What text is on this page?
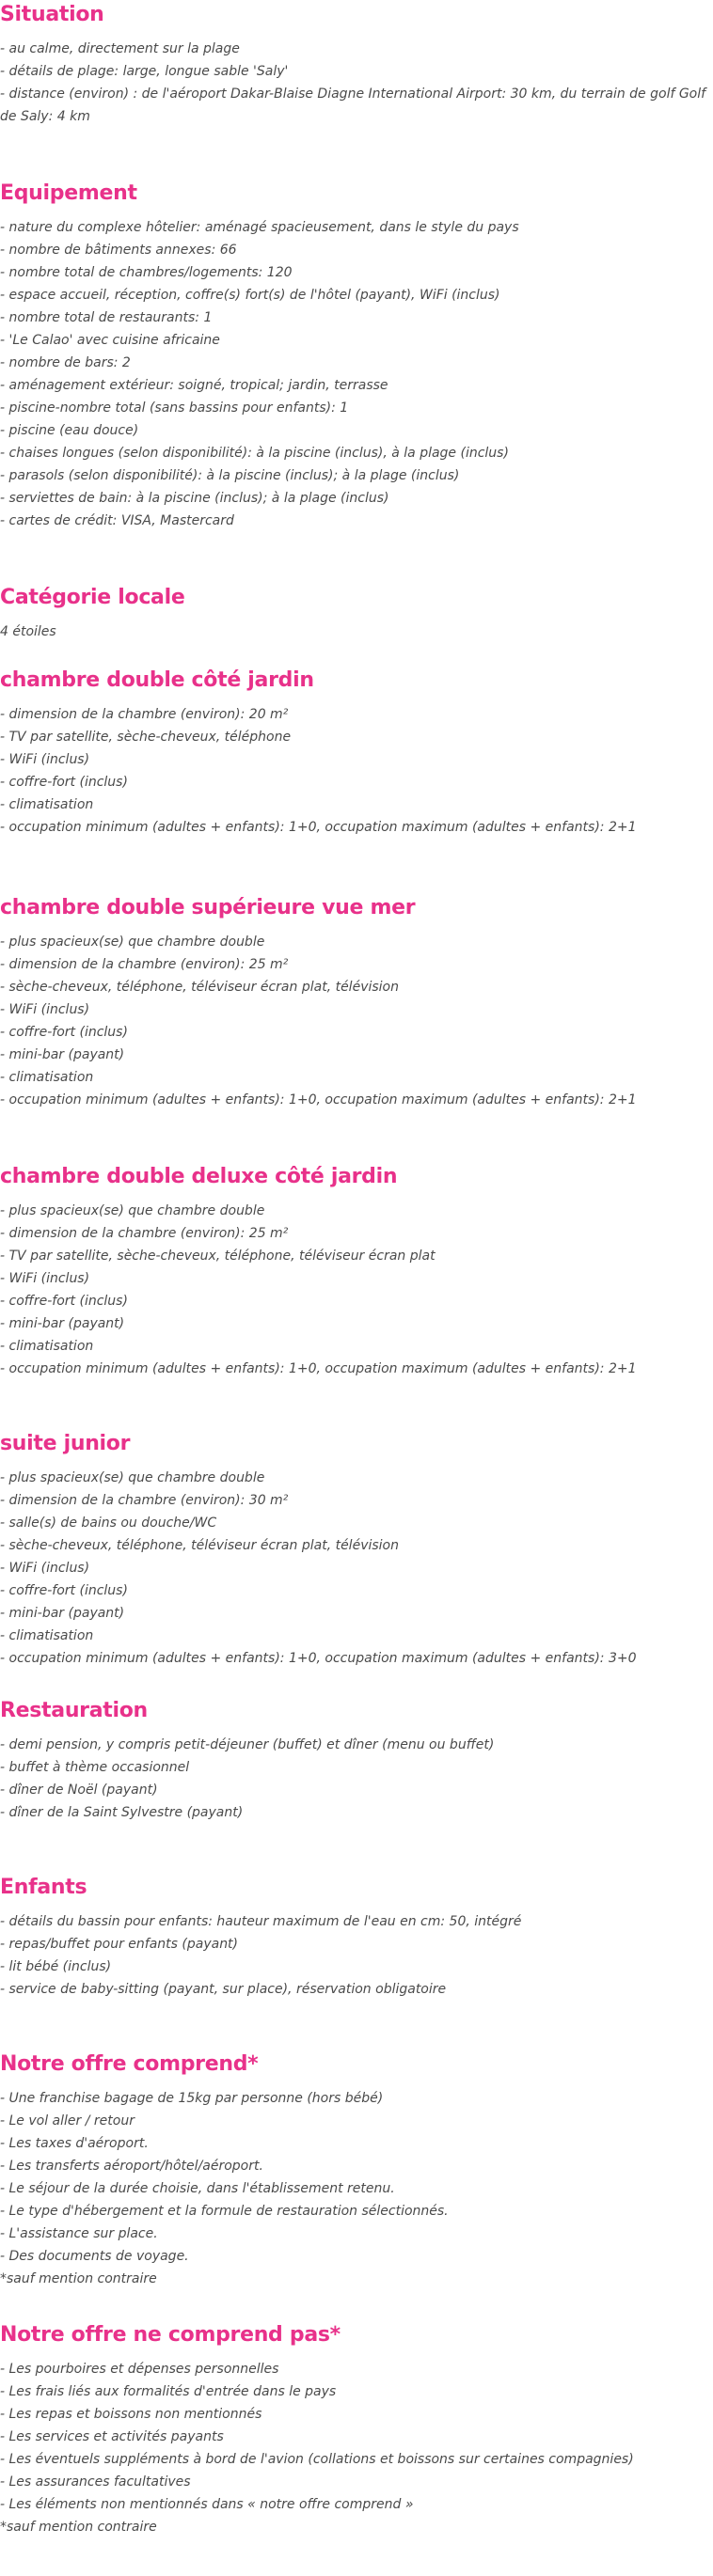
Situation
- au calme, directement sur la plage
- détails de plage: large, longue sable 'Saly'
- distance (environ) : de l'aéroport Dakar-Blaise Diagne International Airport: 30 km, du terrain de golf Golf de Saly: 4 km
Equipement
- nature du complexe hôtelier: aménagé spacieusement, dans le style du pays
- nombre de bâtiments annexes: 66
- nombre total de chambres/logements: 120
- espace accueil, réception, coffre(s) fort(s) de l'hôtel (payant), WiFi (inclus)
- nombre total de restaurants: 1
- 'Le Calao' avec cuisine africaine
- nombre de bars: 2
- aménagement extérieur: soigné, tropical; jardin, terrasse
- piscine-nombre total (sans bassins pour enfants): 1
- piscine (eau douce)
- chaises longues (selon disponibilité): à la piscine (inclus), à la plage (inclus)
- parasols (selon disponibilité): à la piscine (inclus); à la plage (inclus)
- serviettes de bain: à la piscine (inclus); à la plage (inclus)
- cartes de crédit: VISA, Mastercard
Catégorie locale
4 étoiles
chambre double côté jardin
- dimension de la chambre (environ): 20 m²
- TV par satellite, sèche-cheveux, téléphone
- WiFi (inclus)
- coffre-fort (inclus)
- climatisation
- occupation minimum (adultes + enfants): 1+0, occupation maximum (adultes + enfants): 2+1
chambre double supérieure vue mer
- plus spacieux(se) que chambre double
- dimension de la chambre (environ): 25 m²
- sèche-cheveux, téléphone, téléviseur écran plat, télévision
- WiFi (inclus)
- coffre-fort (inclus)
- mini-bar (payant)
- climatisation
- occupation minimum (adultes + enfants): 1+0, occupation maximum (adultes + enfants): 2+1
chambre double deluxe côté jardin
- plus spacieux(se) que chambre double
- dimension de la chambre (environ): 25 m²
- TV par satellite, sèche-cheveux, téléphone, téléviseur écran plat
- WiFi (inclus)
- coffre-fort (inclus)
- mini-bar (payant)
- climatisation
- occupation minimum (adultes + enfants): 1+0, occupation maximum (adultes + enfants): 2+1
suite junior
- plus spacieux(se) que chambre double
- dimension de la chambre (environ): 30 m²
- salle(s) de bains ou douche/WC
- sèche-cheveux, téléphone, téléviseur écran plat, télévision
- WiFi (inclus)
- coffre-fort (inclus)
- mini-bar (payant)
- climatisation
- occupation minimum (adultes + enfants): 1+0, occupation maximum (adultes + enfants): 3+0
Restauration
- demi pension, y compris petit-déjeuner (buffet) et dîner (menu ou buffet)
- buffet à thème occasionnel
- dîner de Noël (payant)
- dîner de la Saint Sylvestre (payant)
Enfants
- détails du bassin pour enfants: hauteur maximum de l'eau en cm: 50, intégré
- repas/buffet pour enfants (payant)
- lit bébé (inclus)
- service de baby-sitting (payant, sur place), réservation obligatoire
Notre offre comprend*
- Une franchise bagage de 15kg par personne (hors bébé)
- Le vol aller / retour
- Les taxes d'aéroport.
- Les transferts aéroport/hôtel/aéroport.
- Le séjour de la durée choisie, dans l'établissement retenu.
- Le type d'hébergement et la formule de restauration sélectionnés.
- L'assistance sur place.
- Des documents de voyage.
*sauf mention contraire
Notre offre ne comprend pas*
- Les pourboires et dépenses personnelles
- Les frais liés aux formalités d'entrée dans le pays
- Les repas et boissons non mentionnés
- Les services et activités payants
- Les éventuels suppléments à bord de l'avion (collations et boissons sur certaines compagnies)
- Les assurances facultatives
- Les éléments non mentionnés dans « notre offre comprend »
*sauf mention contraire
